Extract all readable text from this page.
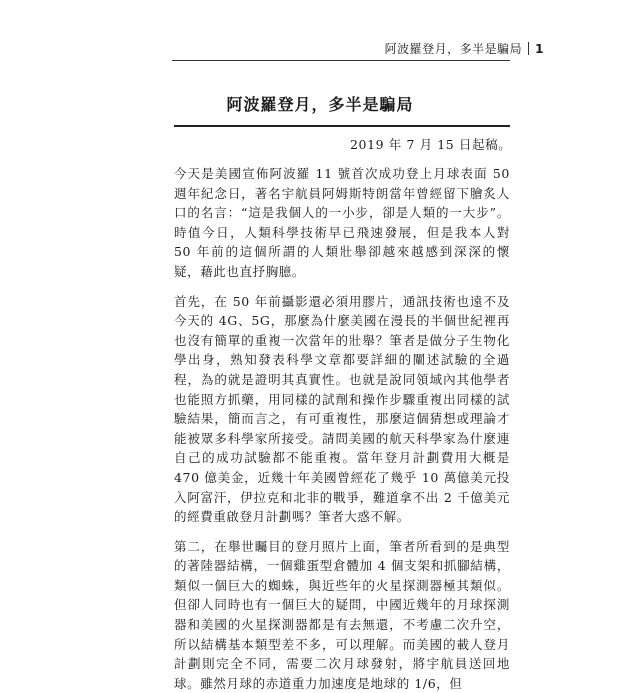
阿波羅登月，多半是騙局 1
阿波羅登月，多半是騙局
2019 年 7 月 15 日起稿。

今天是美國宣佈阿波羅 11 號首次成功登上月球表面 50 週年紀念日，著名宇航員阿姆斯特朗當年曾經留下膾炙人口的名言：“這是我個人的一小步，卻是人類的一大步”。時值今日，人類科學技術早已飛速發展，但是我本人對 50 年前的這個所謂的人類壯舉卻越來越感到深深的懷疑，藉此也直抒胸臆。

首先，在 50 年前攝影還必須用膠片，通訊技術也遠不及今天的 4G、5G，那麼為什麼美國在漫長的半個世紀裡再也沒有簡單的重複一次當年的壯舉？筆者是做分子生物化學出身，熟知發表科學文章都要詳細的闡述試驗的全過程，為的就是證明其真實性。也就是說同領域內其他學者也能照方抓藥，用同樣的試劑和操作步驟重複出同樣的試驗結果，簡而言之，有可重複性，那麼這個猜想或理論才能被眾多科學家所接受。請問美國的航天科學家為什麼連自己的成功試驗都不能重複。當年登月計劃費用大概是 470 億美金，近幾十年美國曾經花了幾乎 10 萬億美元投入阿富汗，伊拉克和北非的戰爭，難道拿不出 2 千億美元的經費重啟登月計劃嗎？筆者大惑不解。

第二，在舉世矚目的登月照片上面，筆者所看到的是典型的著陸器結構，一個雞蛋型倉體加 4 個支架和抓腳結構，類似一個巨大的蜘蛛，與近些年的火星探測器極其類似。但卻人同時也有一個巨大的疑問，中國近幾年的月球探測器和美國的火星探測器都是有去無還，不考慮二次升空，所以結構基本類型差不多，可以理解。而美國的載人登月計劃則完全不同，需要二次月球發射，將宇航員送回地球。雖然月球的赤道重力加速度是地球的 1/6，但
